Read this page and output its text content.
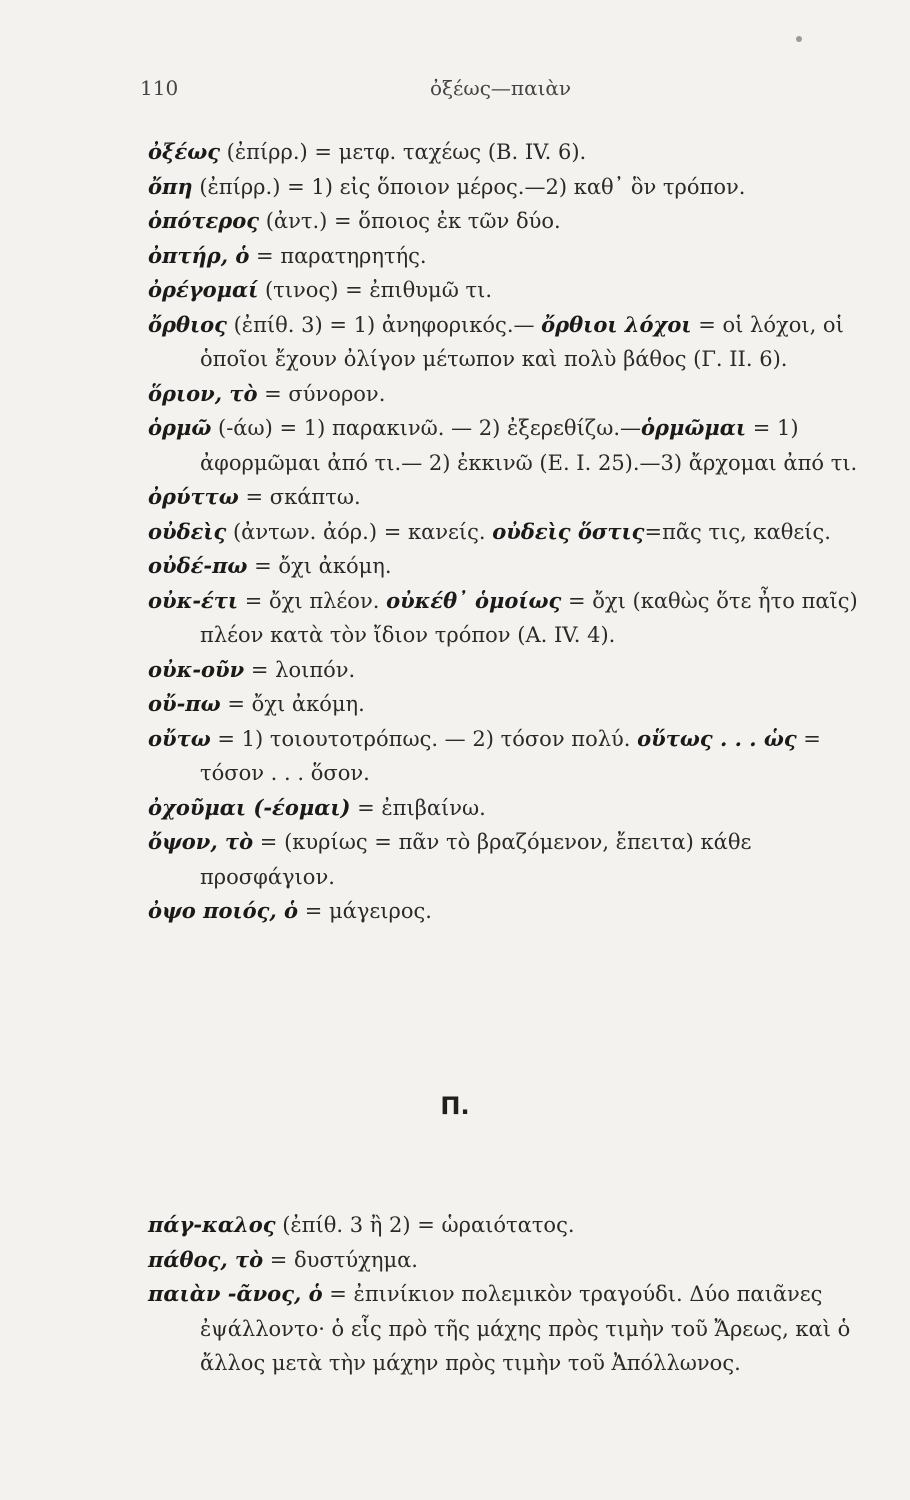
110	ὀξέως—παιὰν

ὀξέως (ἐπίρρ.) = μετφ. ταχέως (Β. IV. 6).

ὄπη (ἐπίρρ.) = 1) εἰς ὅποιον μέρος.—2) καθ᾽ ὃν τρόπον.

ὁπότερος (ἀντ.) = ὅποιος ἐκ τῶν δύο.

ὀπτήρ, ὁ = παρατηρητής.

ὀρέγομαί (τινος) = ἐπιθυμῶ τι.

ὄρθιος (ἐπίθ. 3) = 1) ἀνηφορικός.— ὄρθιοι λόχοι = οἱ λόχοι, οἱ ὁποῖοι ἔχουν ὀλίγον μέτωπον καὶ πολὺ βάθος (Γ. II. 6).

ὅριον, τὸ = σύνορον.

ὁρμῶ (-άω) = 1) παρακινῶ. — 2) ἐξερεθίζω.—ὁρμῶμαι = 1) ἀφορμῶμαι ἀπό τι.— 2) ἐκκινῶ (Ε. I. 25).—3) ἄρχομαι ἀπό τι.

ὀρύττω = σκάπτω.

οὐδεὶς (ἀντων. ἀόρ.) = κανείς. οὐδεὶς ὅστις=πᾶς τις, καθείς.

οὐδέ-πω = ὄχι ἀκόμη.

οὐκ-έτι = ὄχι πλέον. οὐκέθ᾽ ὁμοίως = ὄχι (καθὼς ὅτε ἦτο παῖς) πλέον κατὰ τὸν ἴδιον τρόπον (Α. IV. 4).

οὐκ-οῦν = λοιπόν.

οὔ-πω = ὄχι ἀκόμη.

οὔτω = 1) τοιουτοτρόπως. — 2) τόσον πολύ. οὕτως . . . ὡς = τόσον . . . ὅσον.

ὀχοῦμαι (-έομαι) = ἐπιβαίνω.

ὄψον, τὸ = (κυρίως = πᾶν τὸ βραζόμενον, ἔπειτα) κάθε προσφάγιον.

ὀψο ποιός, ὁ = μάγειρος.

Π.

πάγ-καλος (ἐπίθ. 3 ἢ 2) = ὡραιότατος.

πάθος, τὸ = δυστύχημα.

παιὰν -ᾶνος, ὁ = ἐπινίκιον πολεμικὸν τραγούδι. Δύο παιᾶνες ἐψάλλοντο· ὁ εἷς πρὸ τῆς μάχης πρὸς τιμὴν τοῦ Ἄρεως, καὶ ὁ ἄλλος μετὰ τὴν μάχην πρὸς τιμὴν τοῦ Ἀπόλλωνος.
